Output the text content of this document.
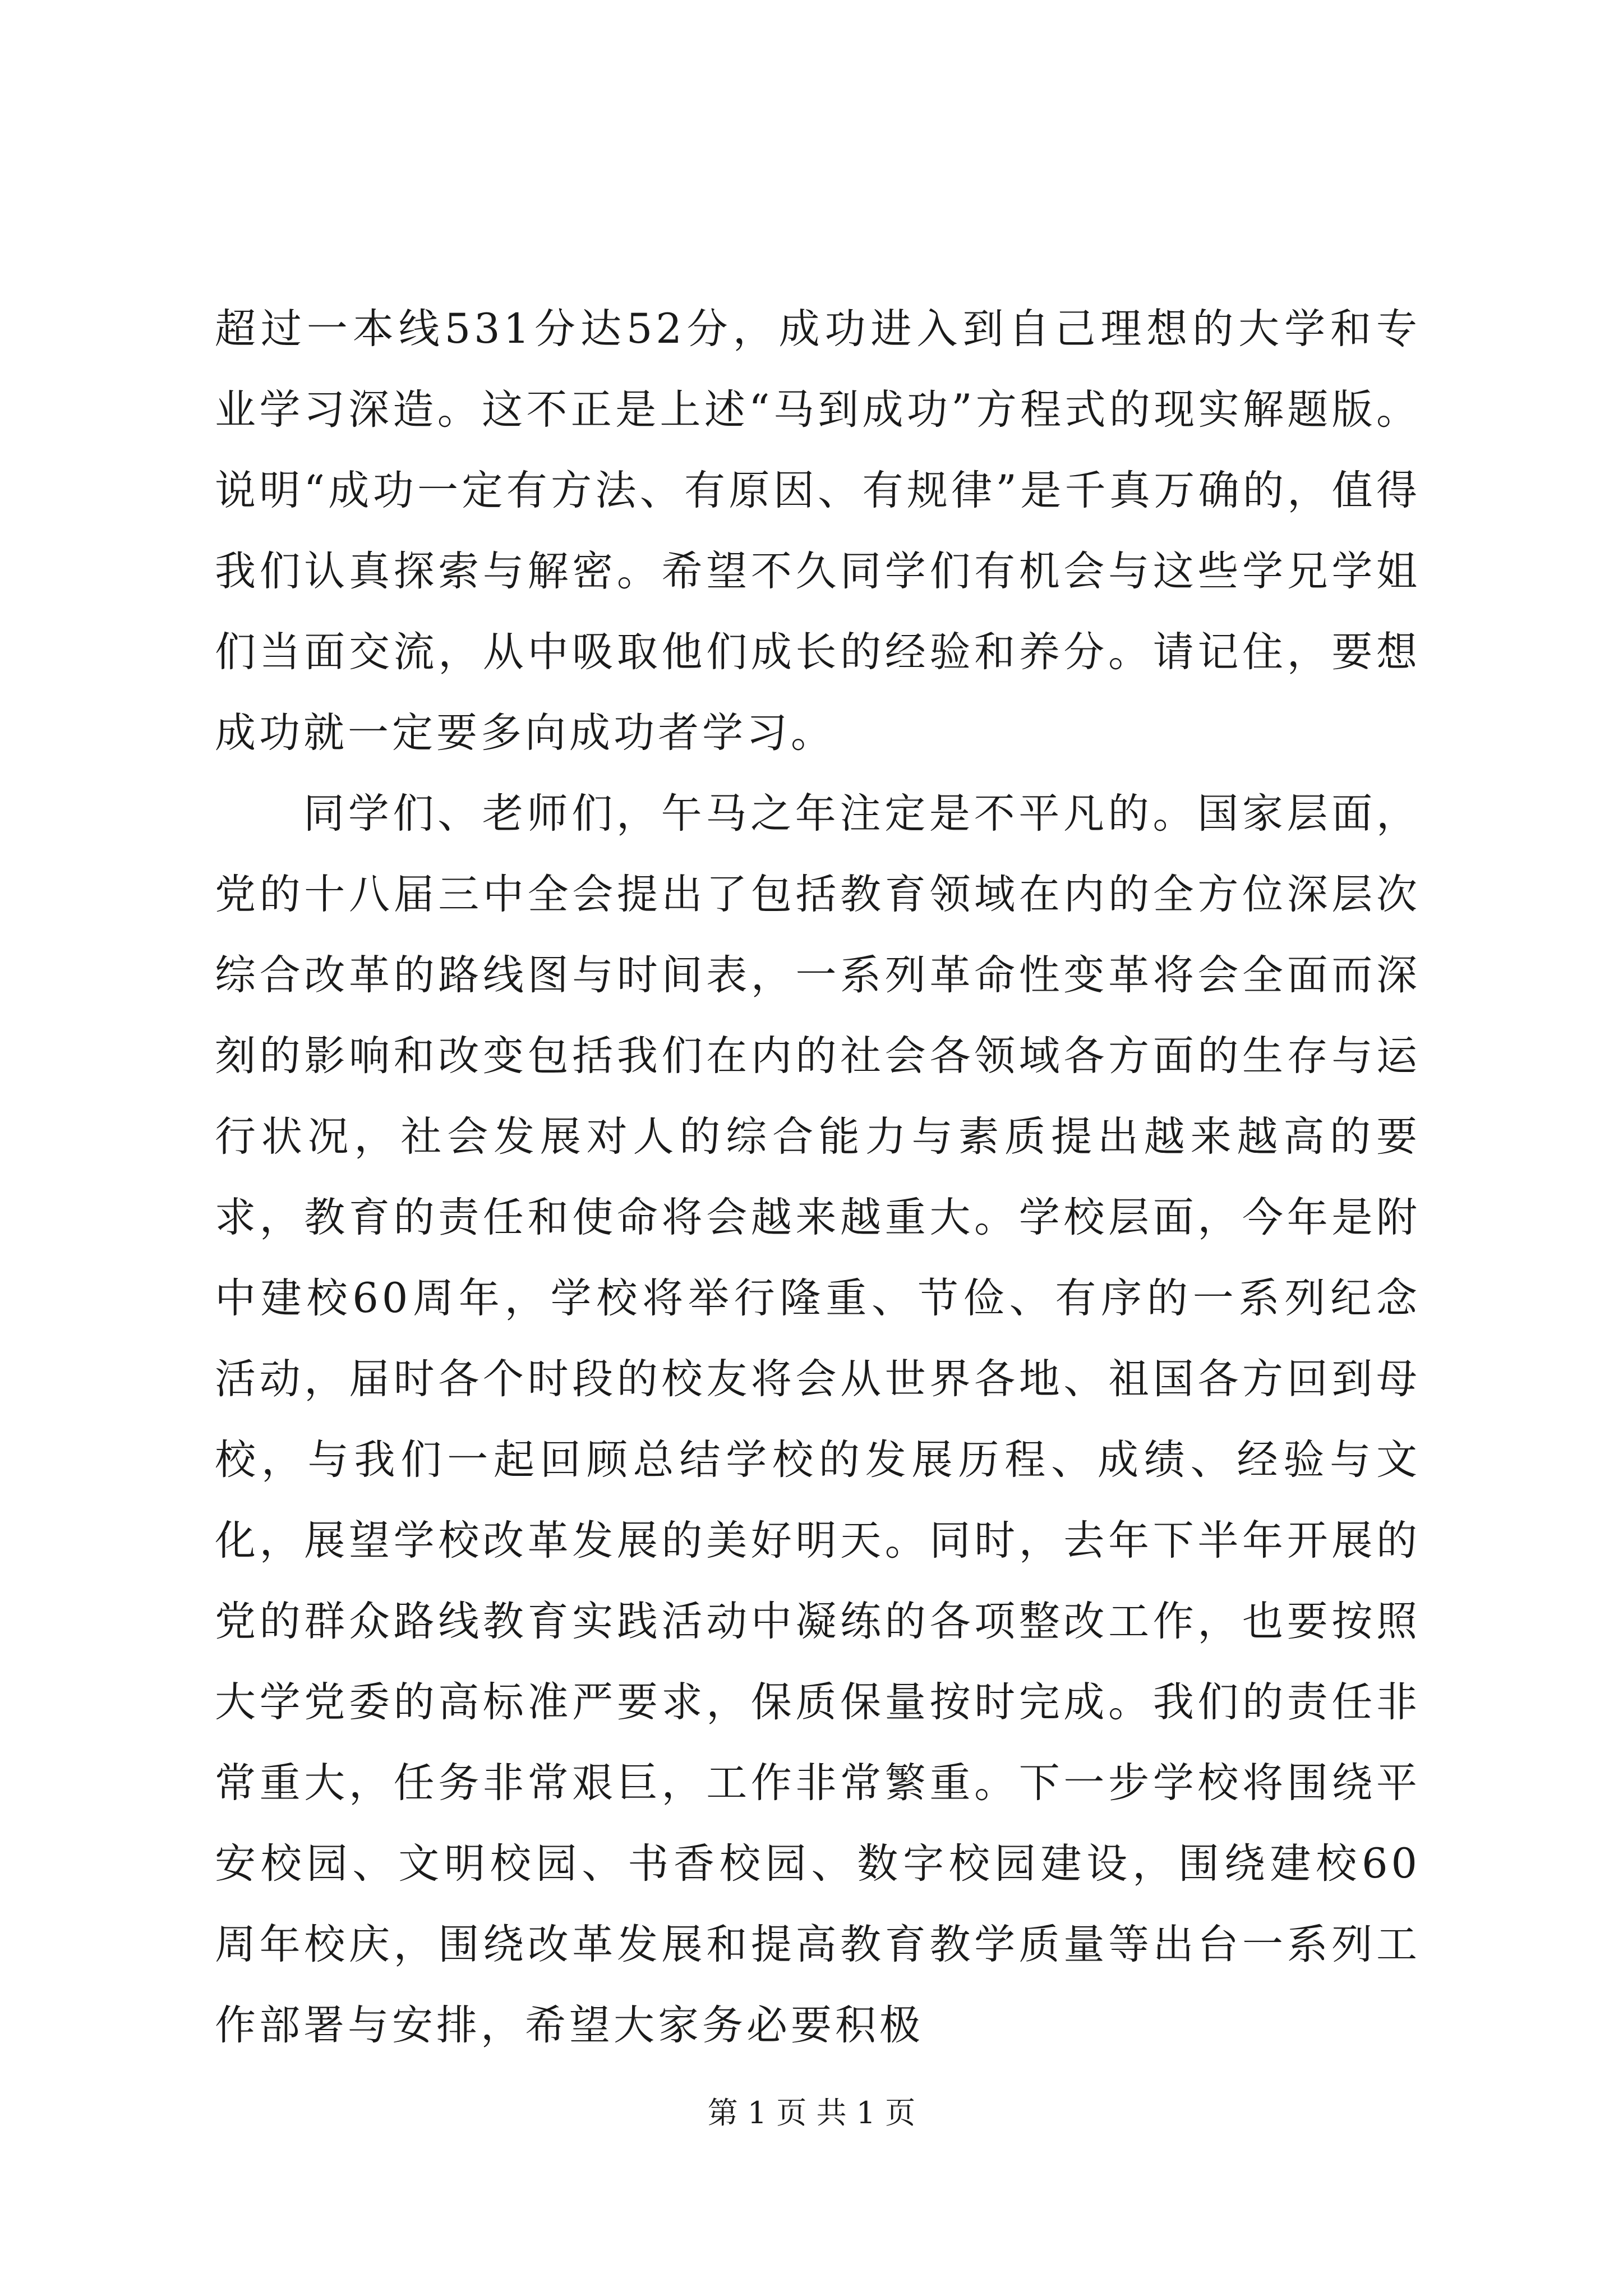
超过一本线531分达52分，成功进入到自己理想的大学和专业学习深造。这不正是上述“马到成功”方程式的现实解题版。说明“成功一定有方法、有原因、有规律”是千真万确的，值得我们认真探索与解密。希望不久同学们有机会与这些学兄学姐们当面交流，从中吸取他们成长的经验和养分。请记住，要想成功就一定要多向成功者学习。

同学们、老师们，午马之年注定是不平凡的。国家层面，党的十八届三中全会提出了包括教育领域在内的全方位深层次综合改革的路线图与时间表，一系列革命性变革将会全面而深刻的影响和改变包括我们在内的社会各领域各方面的生存与运行状况，社会发展对人的综合能力与素质提出越来越高的要求，教育的责任和使命将会越来越重大。学校层面，今年是附中建校60周年，学校将举行隆重、节俭、有序的一系列纪念活动，届时各个时段的校友将会从世界各地、祖国各方回到母校，与我们一起回顾总结学校的发展历程、成绩、经验与文化，展望学校改革发展的美好明天。同时，去年下半年开展的党的群众路线教育实践活动中凝练的各项整改工作，也要按照大学党委的高标准严要求，保质保量按时完成。我们的责任非常重大，任务非常艰巨，工作非常繁重。下一步学校将围绕平安校园、文明校园、书香校园、数字校园建设，围绕建校60周年校庆，围绕改革发展和提高教育教学质量等出台一系列工作部署与安排，希望大家务必要积极

第 1 页 共 1 页
